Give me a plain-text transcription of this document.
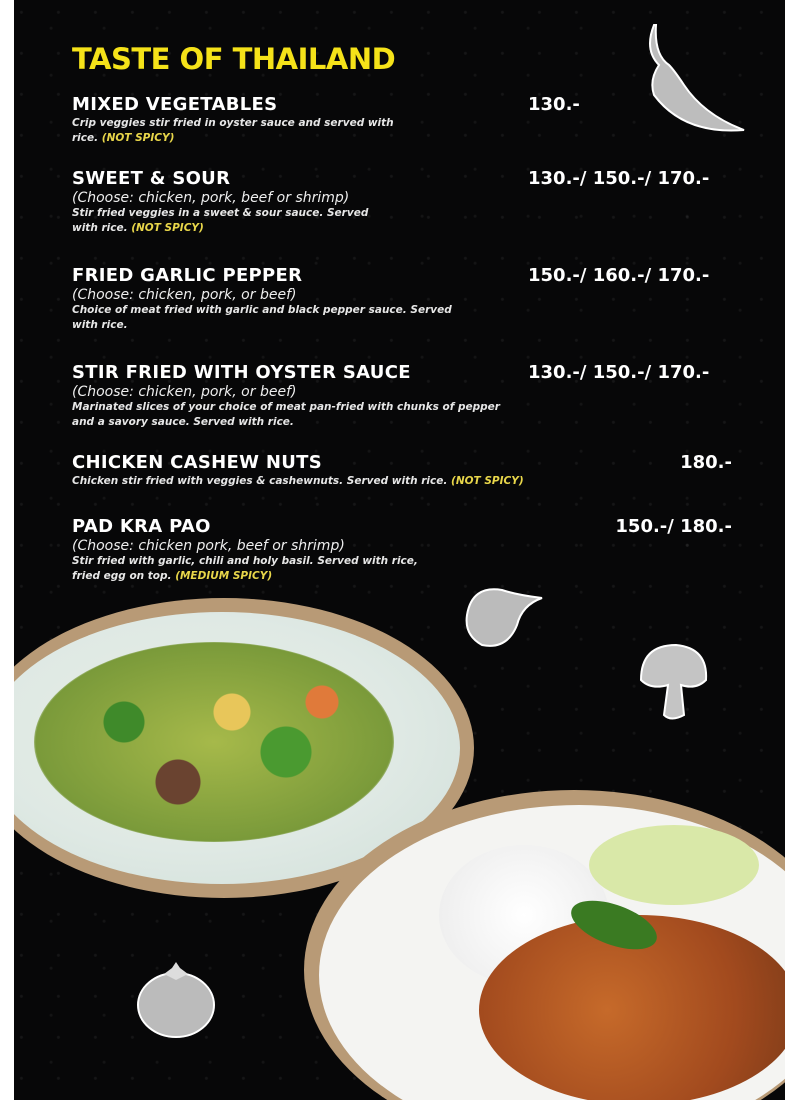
TASTE OF THAILAND
MIXED VEGETABLES	130.-
Crip veggies stir fried in oyster sauce and served with rice. (NOT SPICY)
SWEET & SOUR	130.-/ 150.-/ 170.-
(Choose: chicken, pork, beef or shrimp)
Stir fried veggies in a sweet & sour sauce. Served with rice. (NOT SPICY)
FRIED GARLIC PEPPER	150.-/ 160.-/ 170.-
(Choose: chicken, pork, or beef)
Choice of meat fried with garlic and black pepper sauce. Served with rice.
STIR FRIED WITH OYSTER SAUCE	130.-/ 150.-/ 170.-
(Choose: chicken, pork, or beef)
Marinated slices of your choice of meat pan-fried with chunks of pepper and a savory sauce. Served with rice.
CHICKEN CASHEW NUTS	180.-
Chicken stir fried with veggies & cashewnuts. Served with rice. (NOT SPICY)
PAD KRA PAO	150.-/ 180.-
(Choose: chicken pork, beef or shrimp)
Stir fried with garlic, chili and holy basil. Served with rice, fried egg on top. (MEDIUM SPICY)
